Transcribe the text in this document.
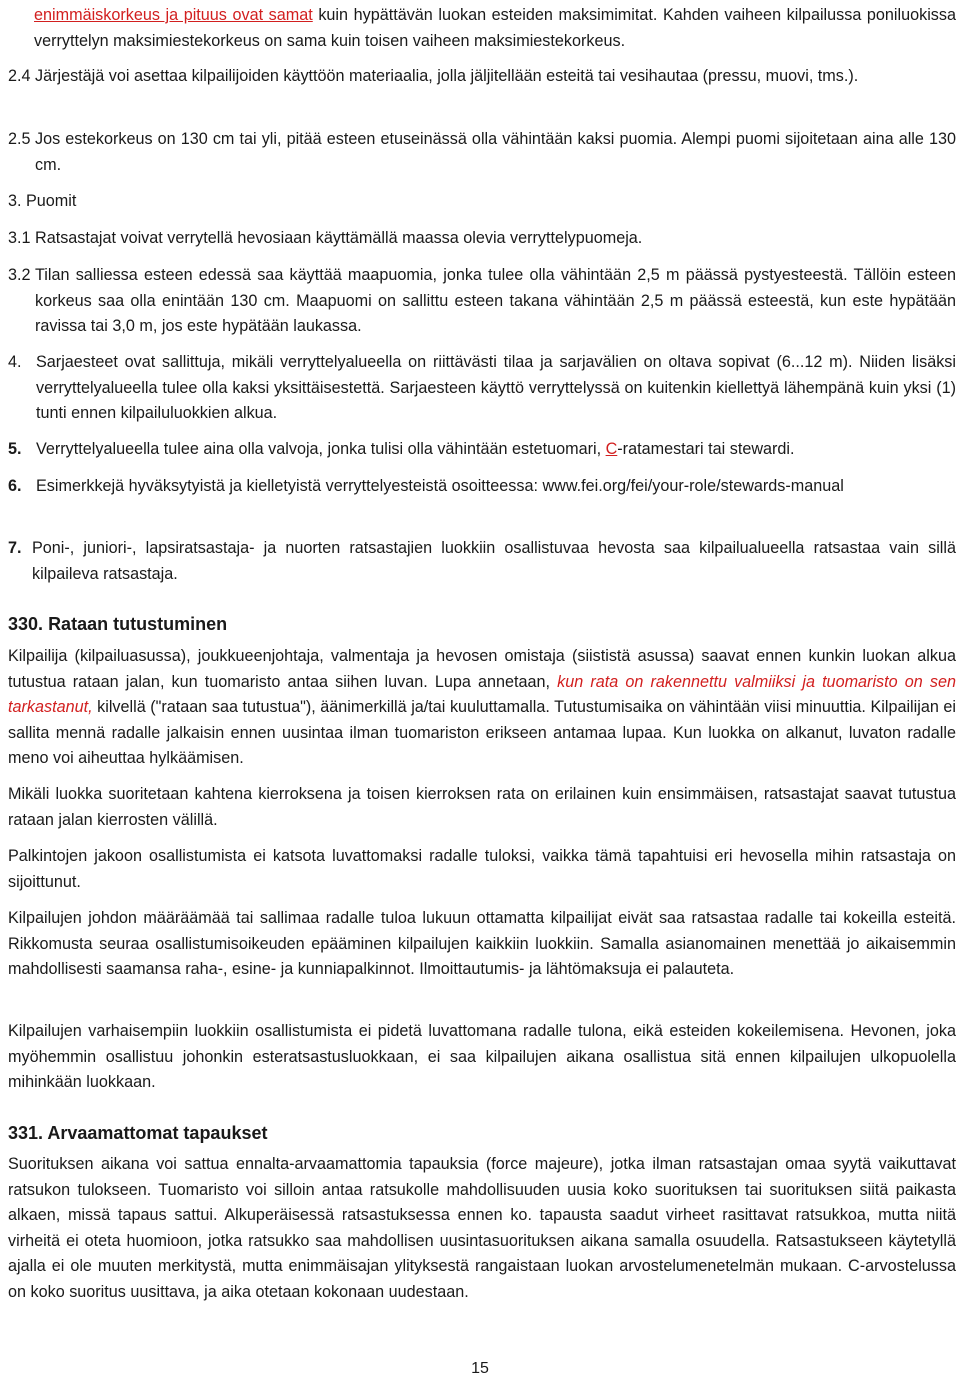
enimmäiskorkeus ja pituus ovat samat kuin hypättävän luokan esteiden maksimimitat. Kahden vaiheen kilpailussa poniluokissa verryttelyn maksimiestekorkeus on sama kuin toisen vaiheen maksimiestekorkeus.

2.4 Järjestäjä voi asettaa kilpailijoiden käyttöön materiaalia, jolla jäljitellään esteitä tai vesihautaa (pressu, muovi, tms.).
2.5 Jos estekorkeus on 130 cm tai yli, pitää esteen etuseinässä olla vähintään kaksi puomia. Alempi puomi sijoitetaan aina alle 130 cm.

3. Puomit

3.1 Ratsastajat voivat verrytellä hevosiaan käyttämällä maassa olevia verryttelypuomeja.
3.2 Tilan salliessa esteen edessä saa käyttää maapuomia, jonka tulee olla vähintään 2,5 m päässä pystyesteestä. Tällöin esteen korkeus saa olla enintään 130 cm. Maapuomi on sallittu esteen takana vähintään 2,5 m päässä esteestä, kun este hypätään ravissa tai 3,0 m, jos este hypätään laukassa.
4. Sarjaesteet ovat sallittuja, mikäli verryttelyalueella on riittävästi tilaa ja sarjavälien on oltava sopivat (6...12 m). Niiden lisäksi verryttelyalueella tulee olla kaksi yksittäisestettä. Sarjaesteen käyttö verryttelyssä on kuitenkin kiellettyä lähempänä kuin yksi (1) tunti ennen kilpailuluokkien alkua.
5. Verryttelyalueella tulee aina olla valvoja, jonka tulisi olla vähintään estetuomari, C-ratamestari tai stewardi.
6. Esimerkkejä hyväksytyistä ja kielletyistä verryttelyesteistä osoitteessa: www.fei.org/fei/your-role/stewards-manual
7. Poni-, juniori-, lapsiratsastaja- ja nuorten ratsastajien luokkiin osallistuvaa hevosta saa kilpailualueella ratsastaa vain sillä kilpaileva ratsastaja.
330. Rataan tutustuminen

Kilpailija (kilpailuasussa), joukkueenjohtaja, valmentaja ja hevosen omistaja (siististä asussa) saavat ennen kunkin luokan alkua tutustua rataan jalan, kun tuomaristo antaa siihen luvan. Lupa annetaan, kun rata on rakennettu valmiiksi ja tuomaristo on sen tarkastanut, kilvellä ("rataan saa tutustua"), äänimerkillä ja/tai kuuluttamalla. Tutustumisaika on vähintään viisi minuuttia. Kilpailijan ei sallita mennä radalle jalkaisin ennen uusintaa ilman tuomariston erikseen antamaa lupaa. Kun luokka on alkanut, luvaton radalle meno voi aiheuttaa hylkäämisen.

Mikäli luokka suoritetaan kahtena kierroksena ja toisen kierroksen rata on erilainen kuin ensimmäisen, ratsastajat saavat tutustua rataan jalan kierrosten välillä.

Palkintojen jakoon osallistumista ei katsota luvattomaksi radalle tuloksi, vaikka tämä tapahtuisi eri hevosella mihin ratsastaja on sijoittunut.

Kilpailujen johdon määräämää tai sallimaa radalle tuloa lukuun ottamatta kilpailijat eivät saa ratsastaa radalle tai kokeilla esteitä. Rikkomusta seuraa osallistumisoikeuden epääminen kilpailujen kaikkiin luokkiin. Samalla asianomainen menettää jo aikaisemmin mahdollisesti saamansa raha-, esine- ja kunniapalkinnot. Ilmoittautumis- ja lähtömaksuja ei palauteta.

Kilpailujen varhaisempiin luokkiin osallistumista ei pidetä luvattomana radalle tulona, eikä esteiden kokeilemisena. Hevonen, joka myöhemmin osallistuu johonkin esteratsastusluokkaan, ei saa kilpailujen aikana osallistua sitä ennen kilpailujen ulkopuolella mihinkään luokkaan.

331. Arvaamattomat tapaukset

Suorituksen aikana voi sattua ennalta-arvaamattomia tapauksia (force majeure), jotka ilman ratsastajan omaa syytä vaikuttavat ratsukon tulokseen. Tuomaristo voi silloin antaa ratsukolle mahdollisuuden uusia koko suorituksen tai suorituksen siitä paikasta alkaen, missä tapaus sattui. Alkuperäisessä ratsastuksessa ennen ko. tapausta saadut virheet rasittavat ratsukkoa, mutta niitä virheitä ei oteta huomioon, jotka ratsukko saa mahdollisen uusintasuorituksen aikana samalla osuudella. Ratsastukseen käytetyllä ajalla ei ole muuten merkitystä, mutta enimmäisajan ylityksestä rangaistaan luokan arvostelumenetelmän mukaan. C-arvostelussa on koko suoritus uusittava, ja aika otetaan kokonaan uudestaan.

15
